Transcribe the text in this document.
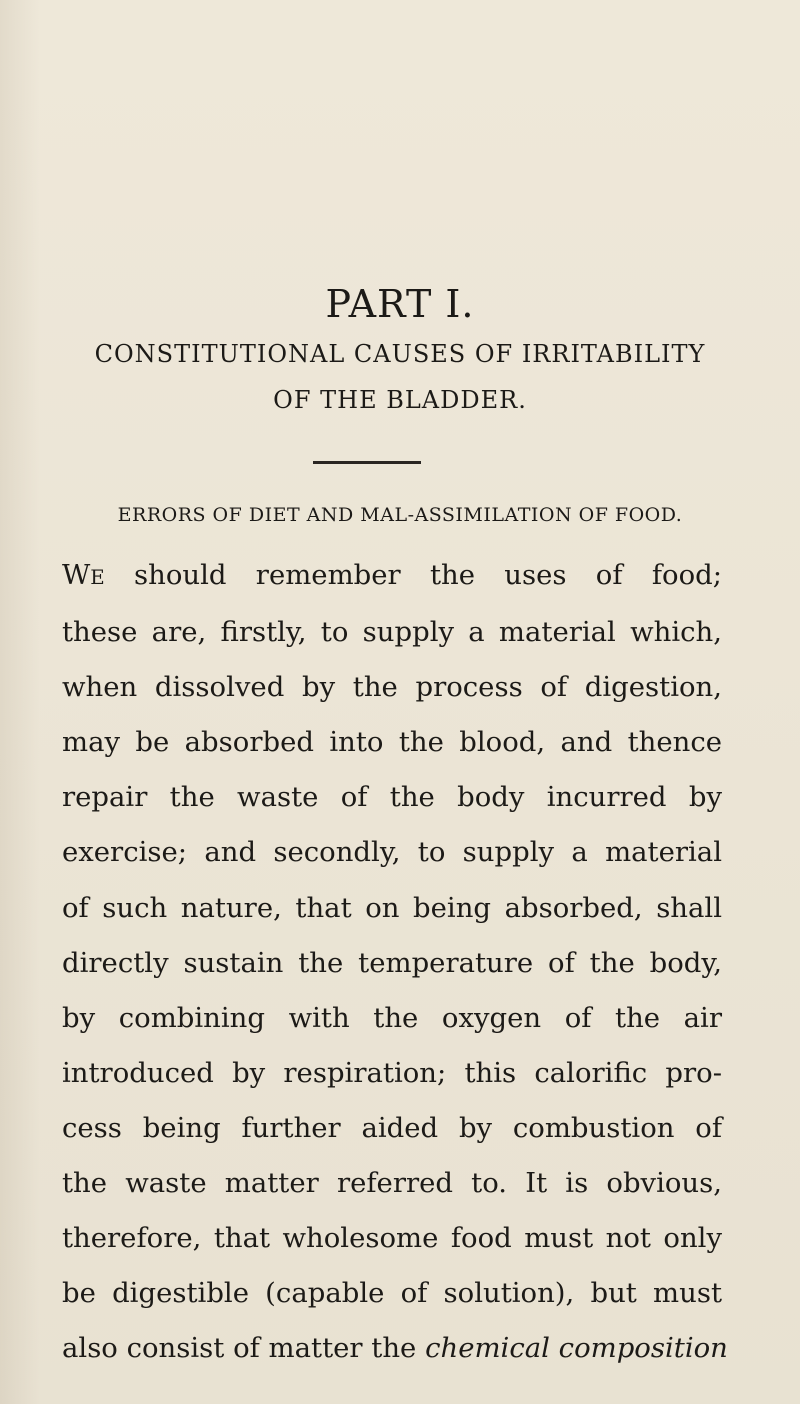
PART I.
CONSTITUTIONAL CAUSES OF IRRITABILITY
OF THE BLADDER.
ERRORS OF DIET AND MAL-ASSIMILATION OF FOOD.
WE should remember the uses of food;
these are, firstly, to supply a material which,
when dissolved by the process of digestion,
may be absorbed into the blood, and thence
repair the waste of the body incurred by
exercise; and secondly, to supply a material
of such nature, that on being absorbed, shall
directly sustain the temperature of the body,
by combining with the oxygen of the air
introduced by respiration; this calorific pro-
cess being further aided by combustion of
the waste matter referred to. It is obvious,
therefore, that wholesome food must not only
be digestible (capable of solution), but must
also consist of matter the chemical composition
